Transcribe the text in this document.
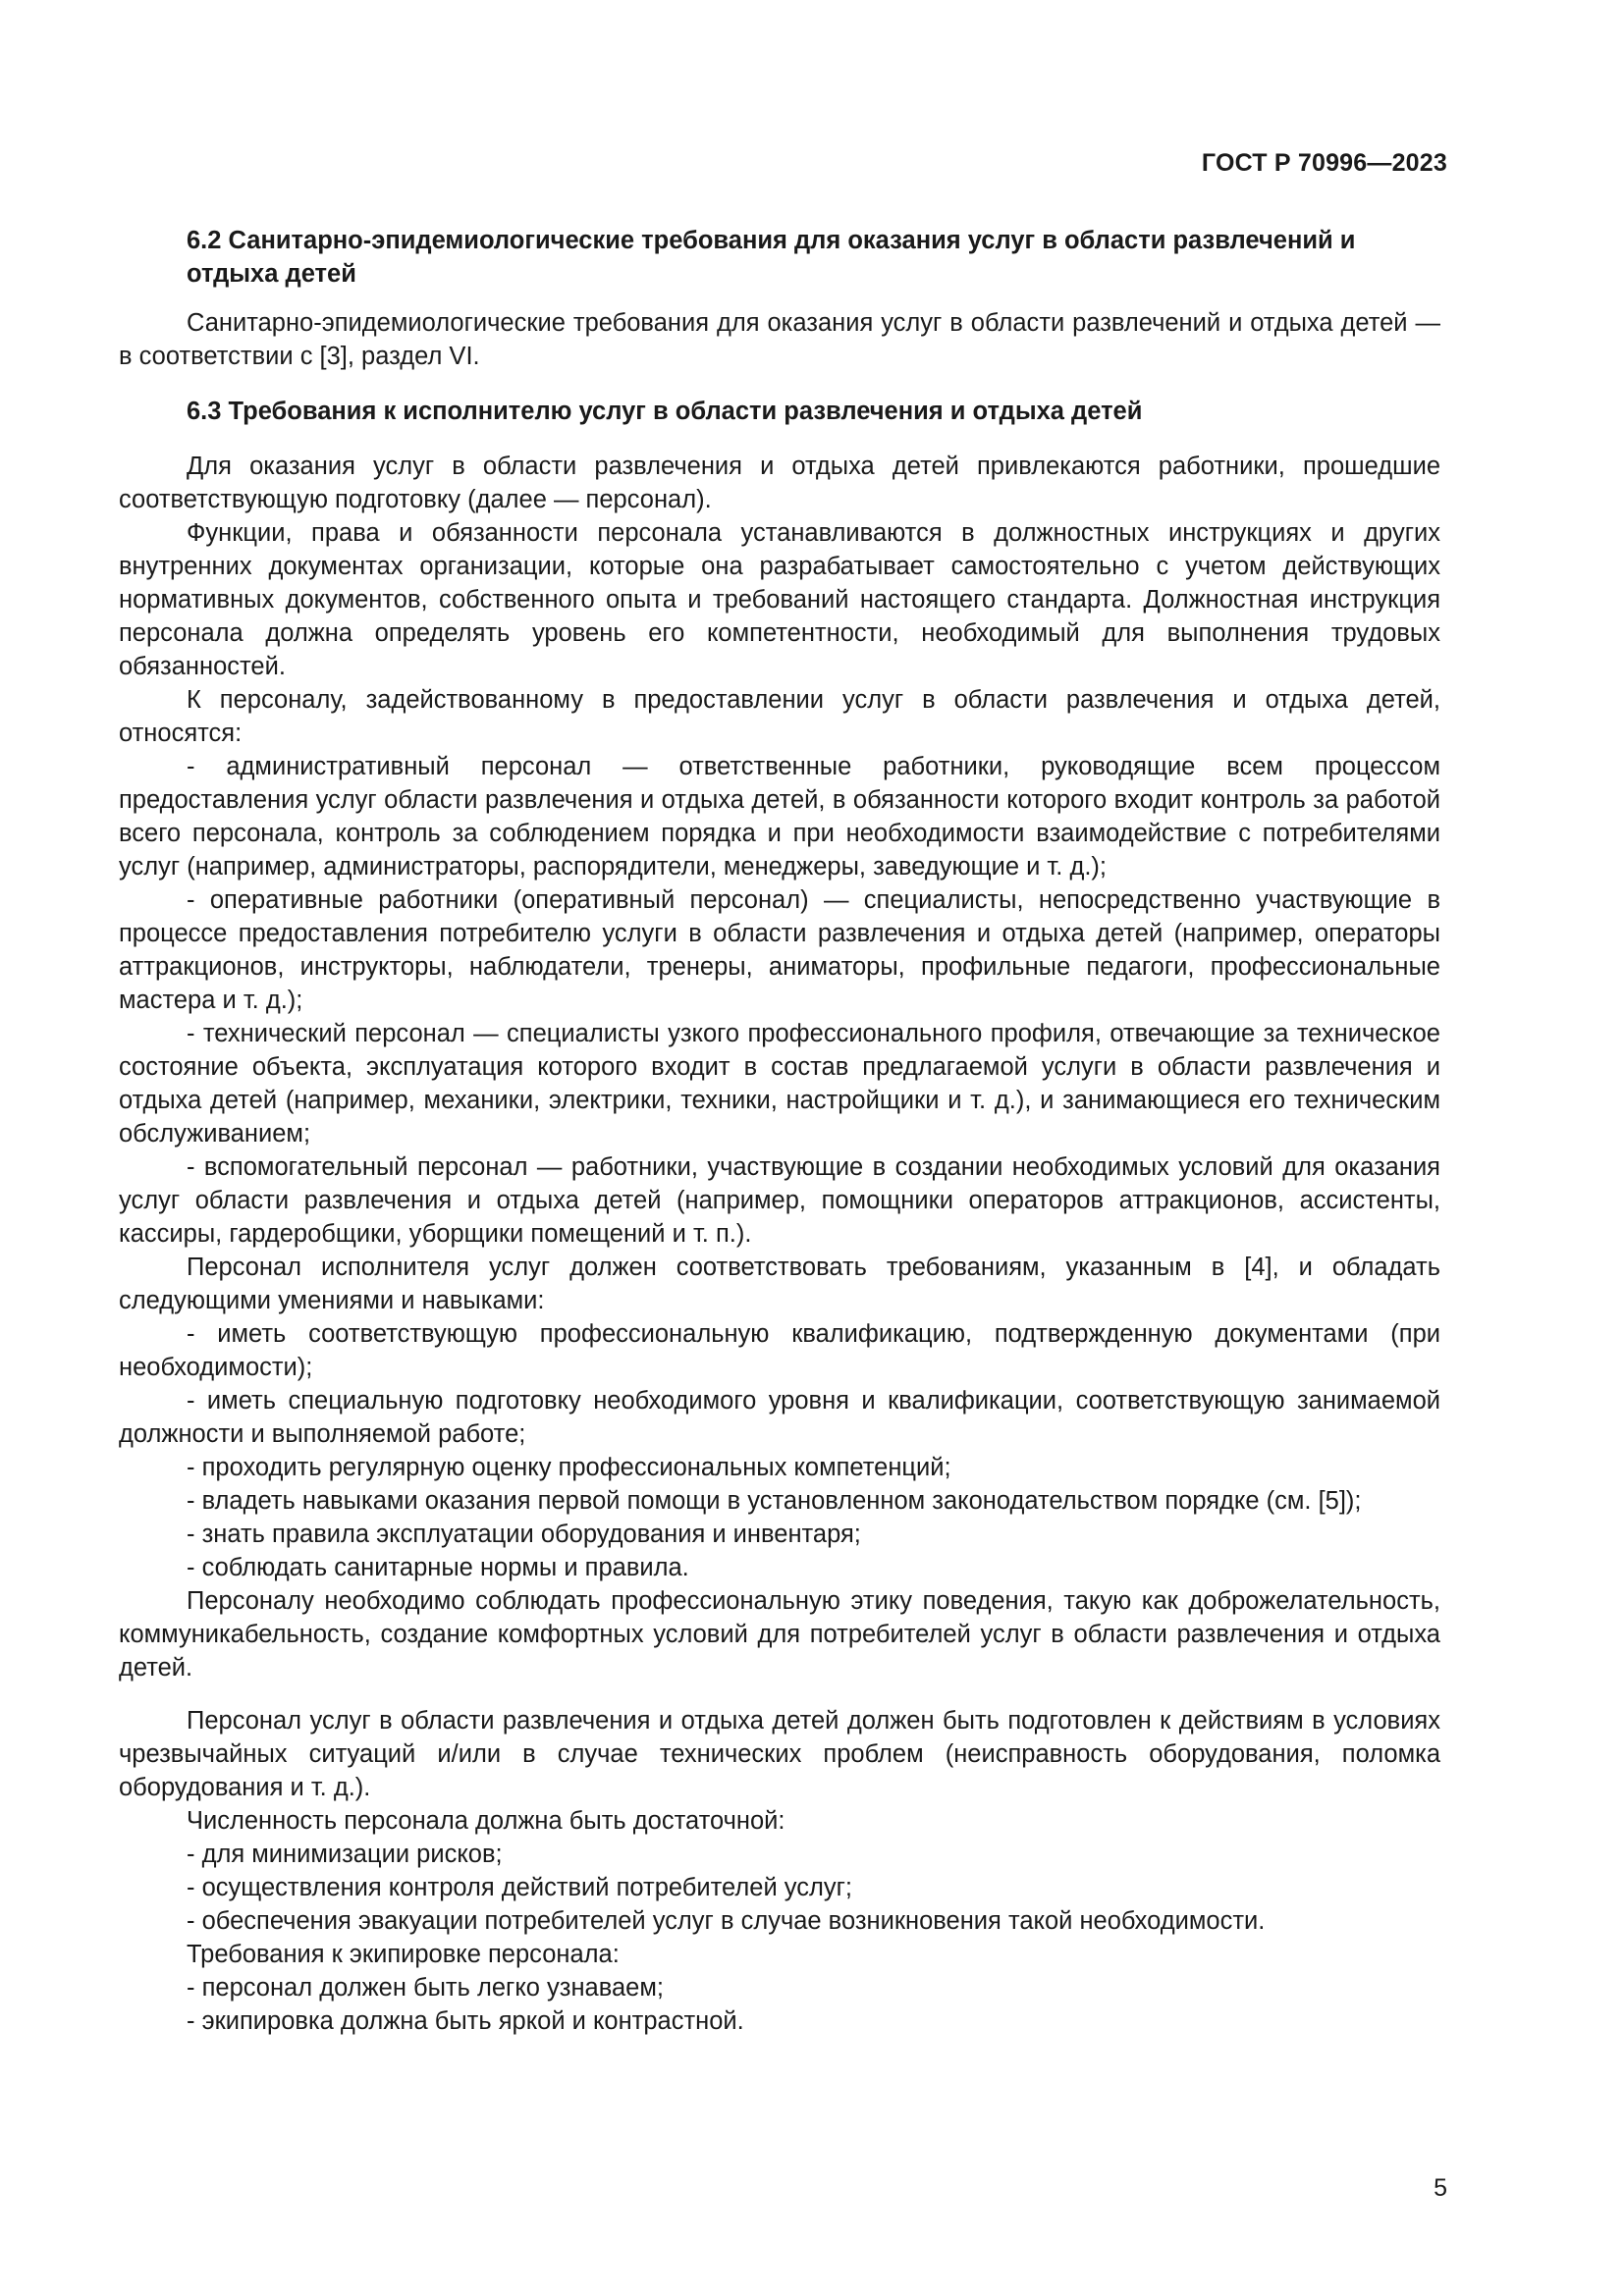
ГОСТ Р 70996—2023
6.2 Санитарно-эпидемиологические требования для оказания услуг в области развлечений и отдыха детей

Санитарно-эпидемиологические требования для оказания услуг в области развлечений и отдыха детей — в соответствии с [3], раздел VI.

6.3 Требования к исполнителю услуг в области развлечения и отдыха детей

Для оказания услуг в области развлечения и отдыха детей привлекаются работники, прошедшие соответствующую подготовку (далее — персонал).

Функции, права и обязанности персонала устанавливаются в должностных инструкциях и других внутренних документах организации, которые она разрабатывает самостоятельно с учетом действующих нормативных документов, собственного опыта и требований настоящего стандарта. Должностная инструкция персонала должна определять уровень его компетентности, необходимый для выполнения трудовых обязанностей.

К персоналу, задействованному в предоставлении услуг в области развлечения и отдыха детей, относятся:

- административный персонал — ответственные работники, руководящие всем процессом предоставления услуг области развлечения и отдыха детей, в обязанности которого входит контроль за работой всего персонала, контроль за соблюдением порядка и при необходимости взаимодействие с потребителями услуг (например, администраторы, распорядители, менеджеры, заведующие и т. д.);

- оперативные работники (оперативный персонал) — специалисты, непосредственно участвующие в процессе предоставления потребителю услуги в области развлечения и отдыха детей (например, операторы аттракционов, инструкторы, наблюдатели, тренеры, аниматоры, профильные педагоги, профессиональные мастера и т. д.);

- технический персонал — специалисты узкого профессионального профиля, отвечающие за техническое состояние объекта, эксплуатация которого входит в состав предлагаемой услуги в области развлечения и отдыха детей (например, механики, электрики, техники, настройщики и т. д.), и занимающиеся его техническим обслуживанием;

- вспомогательный персонал — работники, участвующие в создании необходимых условий для оказания услуг области развлечения и отдыха детей (например, помощники операторов аттракционов, ассистенты, кассиры, гардеробщики, уборщики помещений и т. п.).

Персонал исполнителя услуг должен соответствовать требованиям, указанным в [4], и обладать следующими умениями и навыками:

- иметь соответствующую профессиональную квалификацию, подтвержденную документами (при необходимости);

- иметь специальную подготовку необходимого уровня и квалификации, соответствующую занимаемой должности и выполняемой работе;

- проходить регулярную оценку профессиональных компетенций;

- владеть навыками оказания первой помощи в установленном законодательством порядке (см. [5]);

- знать правила эксплуатации оборудования и инвентаря;

- соблюдать санитарные нормы и правила.

Персоналу необходимо соблюдать профессиональную этику поведения, такую как доброжелательность, коммуникабельность, создание комфортных условий для потребителей услуг в области развлечения и отдыха детей.

Персонал услуг в области развлечения и отдыха детей должен быть подготовлен к действиям в условиях чрезвычайных ситуаций и/или в случае технических проблем (неисправность оборудования, поломка оборудования и т. д.).

Численность персонала должна быть достаточной:

- для минимизации рисков;

- осуществления контроля действий потребителей услуг;

- обеспечения эвакуации потребителей услуг в случае возникновения такой необходимости.

Требования к экипировке персонала:

- персонал должен быть легко узнаваем;

- экипировка должна быть яркой и контрастной.

5
